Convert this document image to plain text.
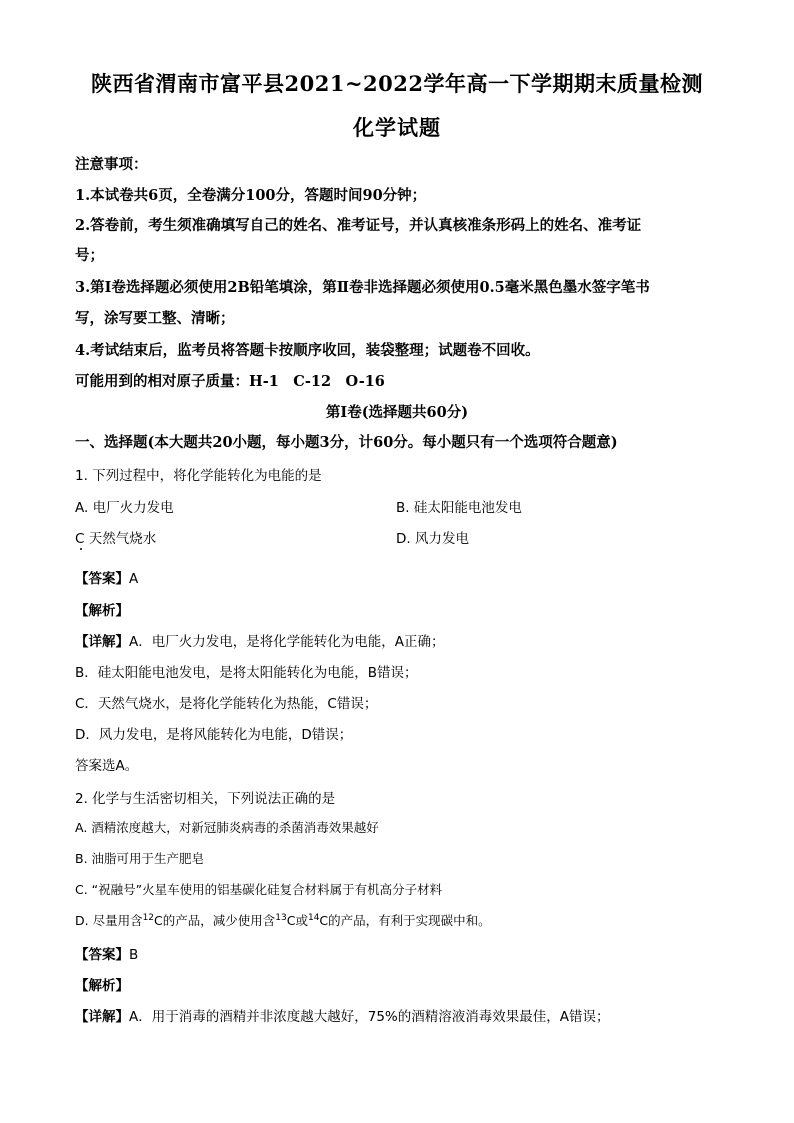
陕西省渭南市富平县2021~2022学年高一下学期期末质量检测
化学试题
注意事项：
1.本试卷共6页，全卷满分100分，答题时间90分钟；
2.答卷前，考生须准确填写自己的姓名、准考证号，并认真核准条形码上的姓名、准考证
号；
3.第Ⅰ卷选择题必须使用2B铅笔填涂，第Ⅱ卷非选择题必须使用0.5毫米黑色墨水签字笔书
写，涂写要工整、清晰；
4.考试结束后，监考员将答题卡按顺序收回，装袋整理；试题卷不回收。
可能用到的相对原子质量：H-1　C-12　O-16
第Ⅰ卷(选择题共60分)
一、选择题(本大题共20小题，每小题3分，计60分。每小题只有一个选项符合题意)
1. 下列过程中，将化学能转化为电能的是
A. 电厂火力发电	B. 硅太阳能电池发电
C 天然气烧水	D. 风力发电
【答案】A
【解析】
【详解】A．电厂火力发电，是将化学能转化为电能，A正确；
B．硅太阳能电池发电，是将太阳能转化为电能，B错误；
C．天然气烧水，是将化学能转化为热能，C错误；
D．风力发电，是将风能转化为电能，D错误；
答案选A。
2. 化学与生活密切相关，下列说法正确的是
A. 酒精浓度越大，对新冠肺炎病毒的杀菌消毒效果越好
B. 油脂可用于生产肥皂
C. “祝融号”火星车使用的铝基碳化硅复合材料属于有机高分子材料
D. 尽量用含$^{12}$C的产品，减少使用含$^{13}$C或$^{14}$C的产品，有利于实现碳中和。
【答案】B
【解析】
【详解】A．用于消毒的酒精并非浓度越大越好，75%的酒精溶液消毒效果最佳，A错误；
